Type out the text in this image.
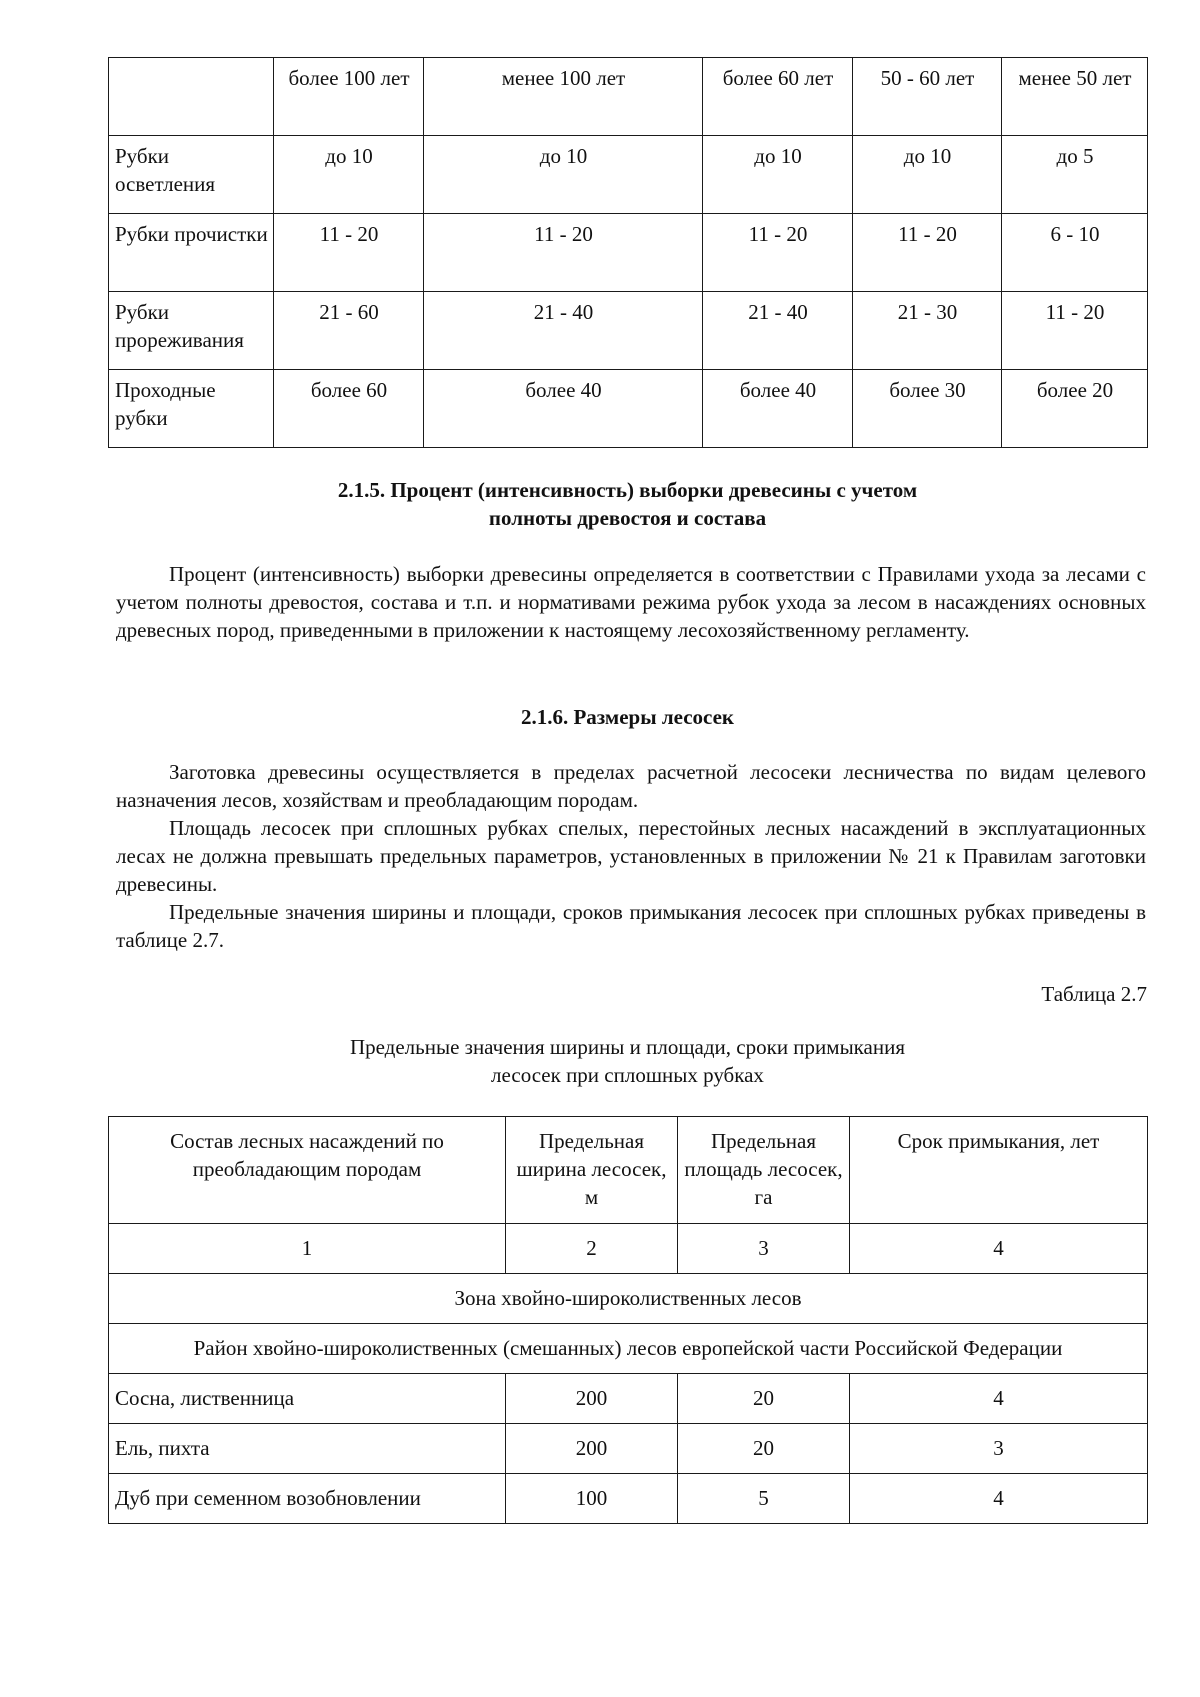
	более 100 лет	менее 100 лет	более 60 лет	50 - 60 лет	менее 50 лет
Рубки осветления	до 10	до 10	до 10	до 10	до 5
Рубки прочистки	11 - 20	11 - 20	11 - 20	11 - 20	6 - 10
Рубки прореживания	21 - 60	21 - 40	21 - 40	21 - 30	11 - 20
Проходные рубки	более 60	более 40	более 40	более 30	более 20
2.1.5. Процент (интенсивность) выборки древесины с учетом
полноты древостоя и состава
Процент (интенсивность) выборки древесины определяется в соответствии с Правилами ухода за лесами с учетом полноты древостоя, состава и т.п. и нормативами режима рубок ухода за лесом в насаждениях основных древесных пород, приведенными в приложении к настоящему лесохозяйственному регламенту.
2.1.6. Размеры лесосек
Заготовка древесины осуществляется в пределах расчетной лесосеки лесничества по видам целевого назначения лесов, хозяйствам и преобладающим породам.
Площадь лесосек при сплошных рубках спелых, перестойных лесных насаждений в эксплуатационных лесах не должна превышать предельных параметров, установленных в приложении № 21 к Правилам заготовки древесины.
Предельные значения ширины и площади, сроков примыкания лесосек при сплошных рубках приведены в таблице 2.7.
Таблица 2.7
Предельные значения ширины и площади, сроки примыкания
лесосек при сплошных рубках
Состав лесных насаждений по преобладающим породам	Предельная ширина лесосек, м	Предельная площадь лесосек, га	Срок примыкания, лет
1	2	3	4
Зона хвойно-широколиственных лесов			
Район хвойно-широколиственных (смешанных) лесов европейской части Российской Федерации			
Сосна, лиственница	200	20	4
Ель, пихта	200	20	3
Дуб при семенном возобновлении	100	5	4
